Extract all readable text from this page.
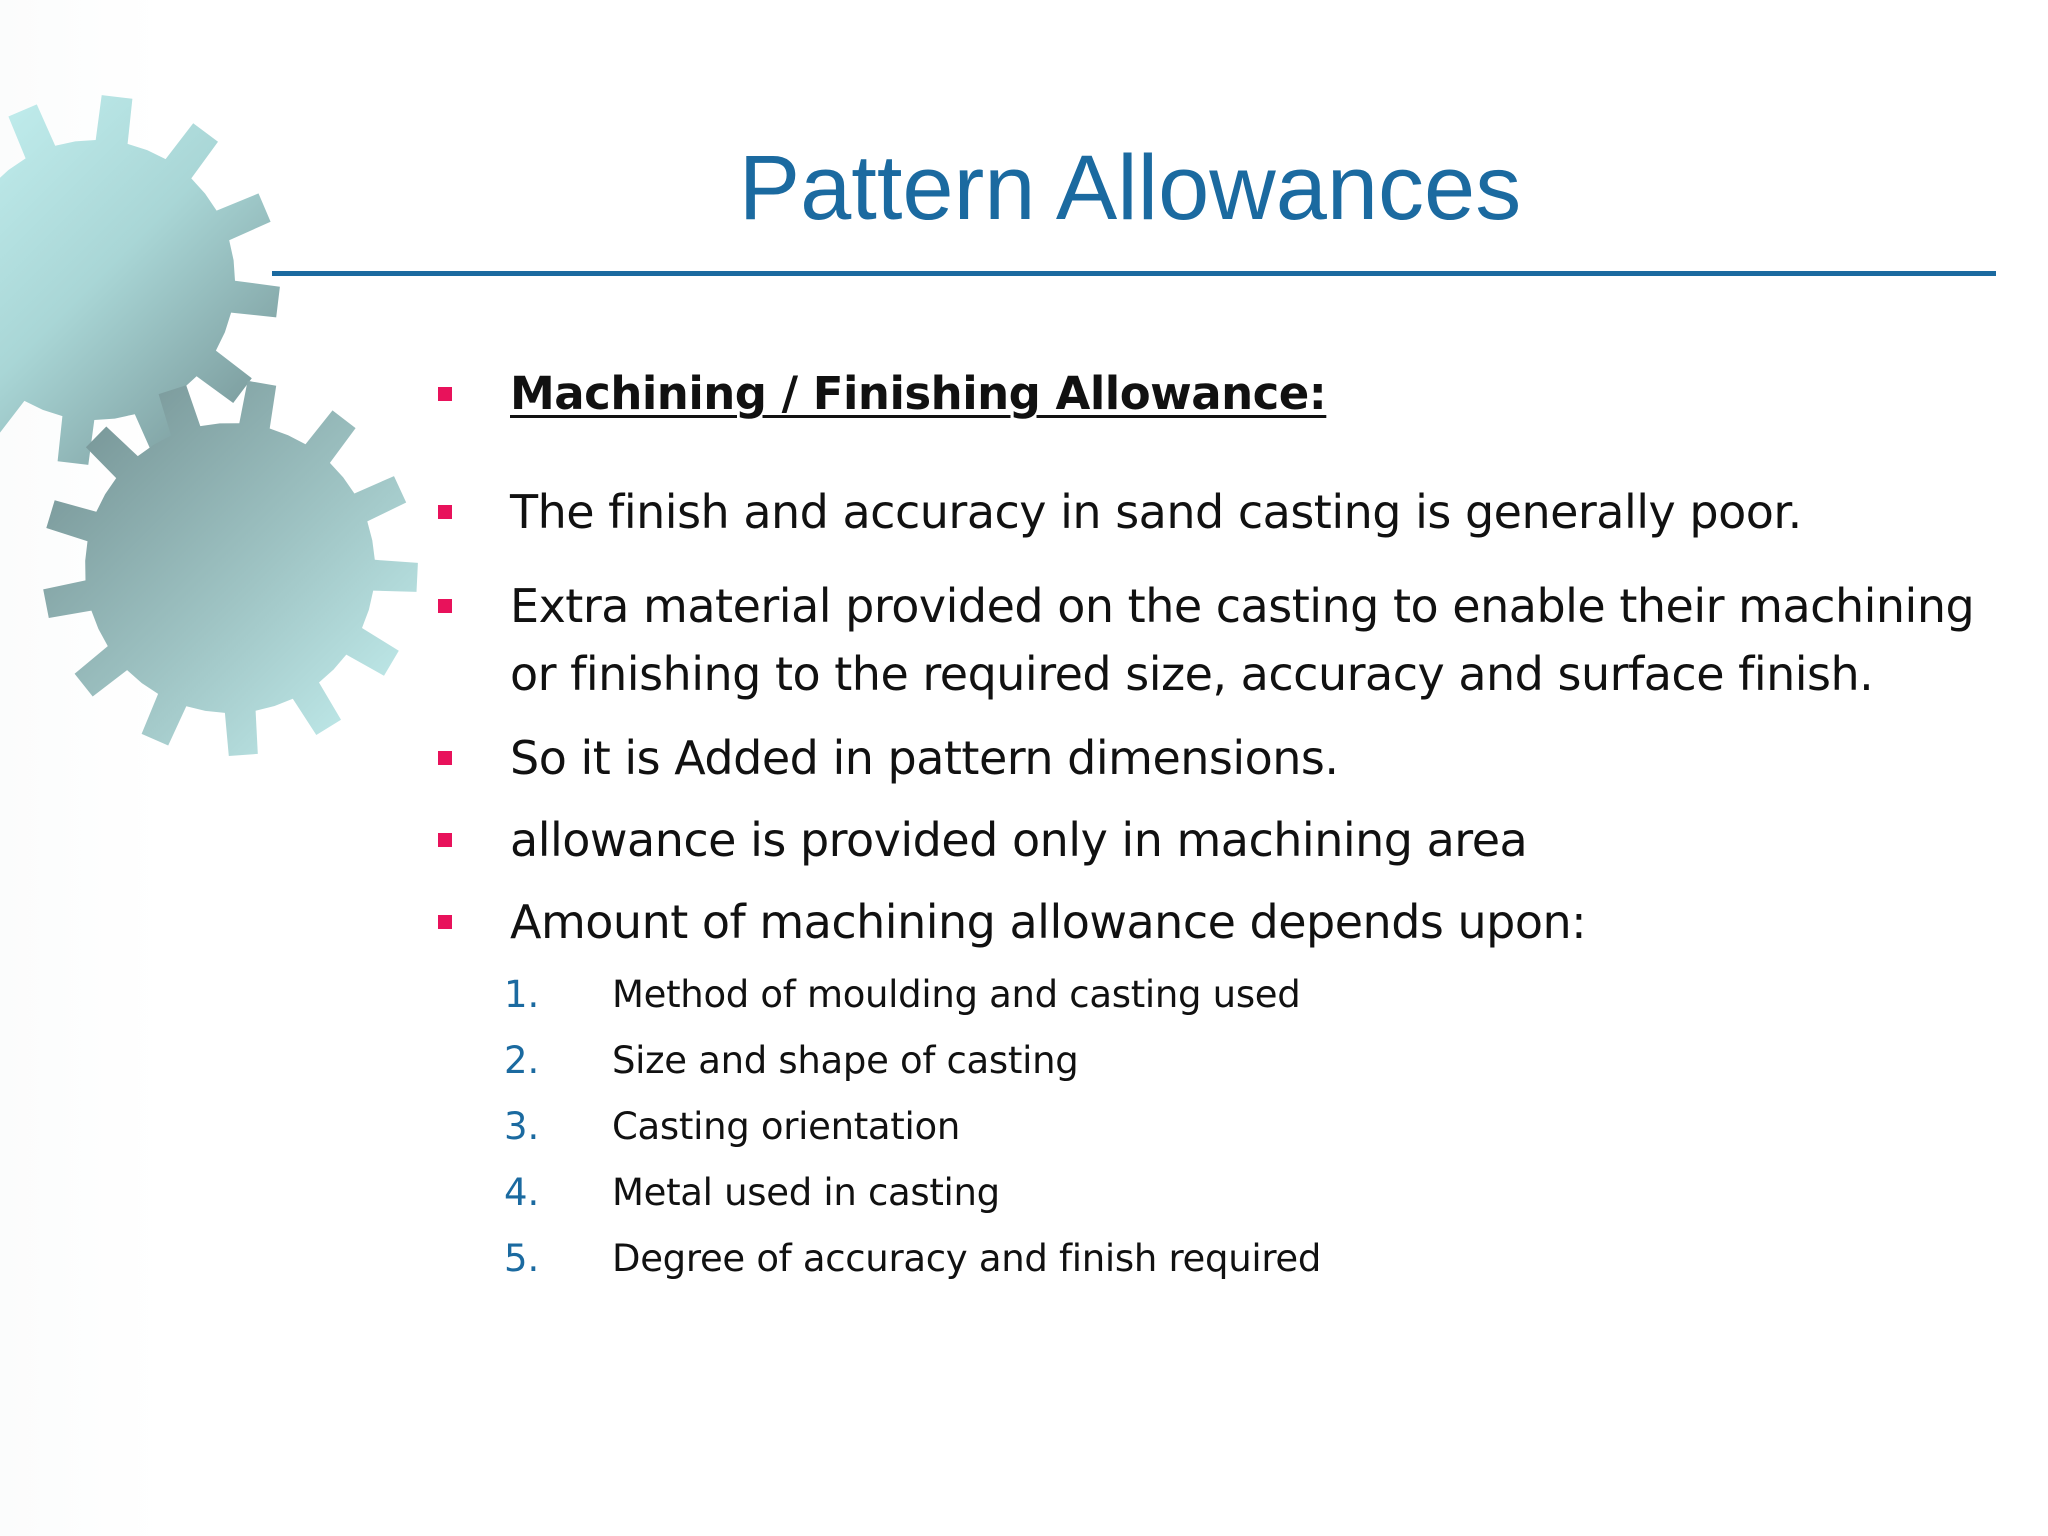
Pattern Allowances
Machining / Finishing Allowance:
The finish and accuracy in sand casting is generally poor.
Extra material provided on the casting to enable their machining or finishing to the required size, accuracy and surface finish.
So it is Added in pattern dimensions.
allowance is provided only in machining area
Amount of machining allowance depends upon:
1. Method of moulding and casting used
2. Size and shape of casting
3. Casting orientation
4. Metal used in casting
5. Degree of accuracy and finish required
